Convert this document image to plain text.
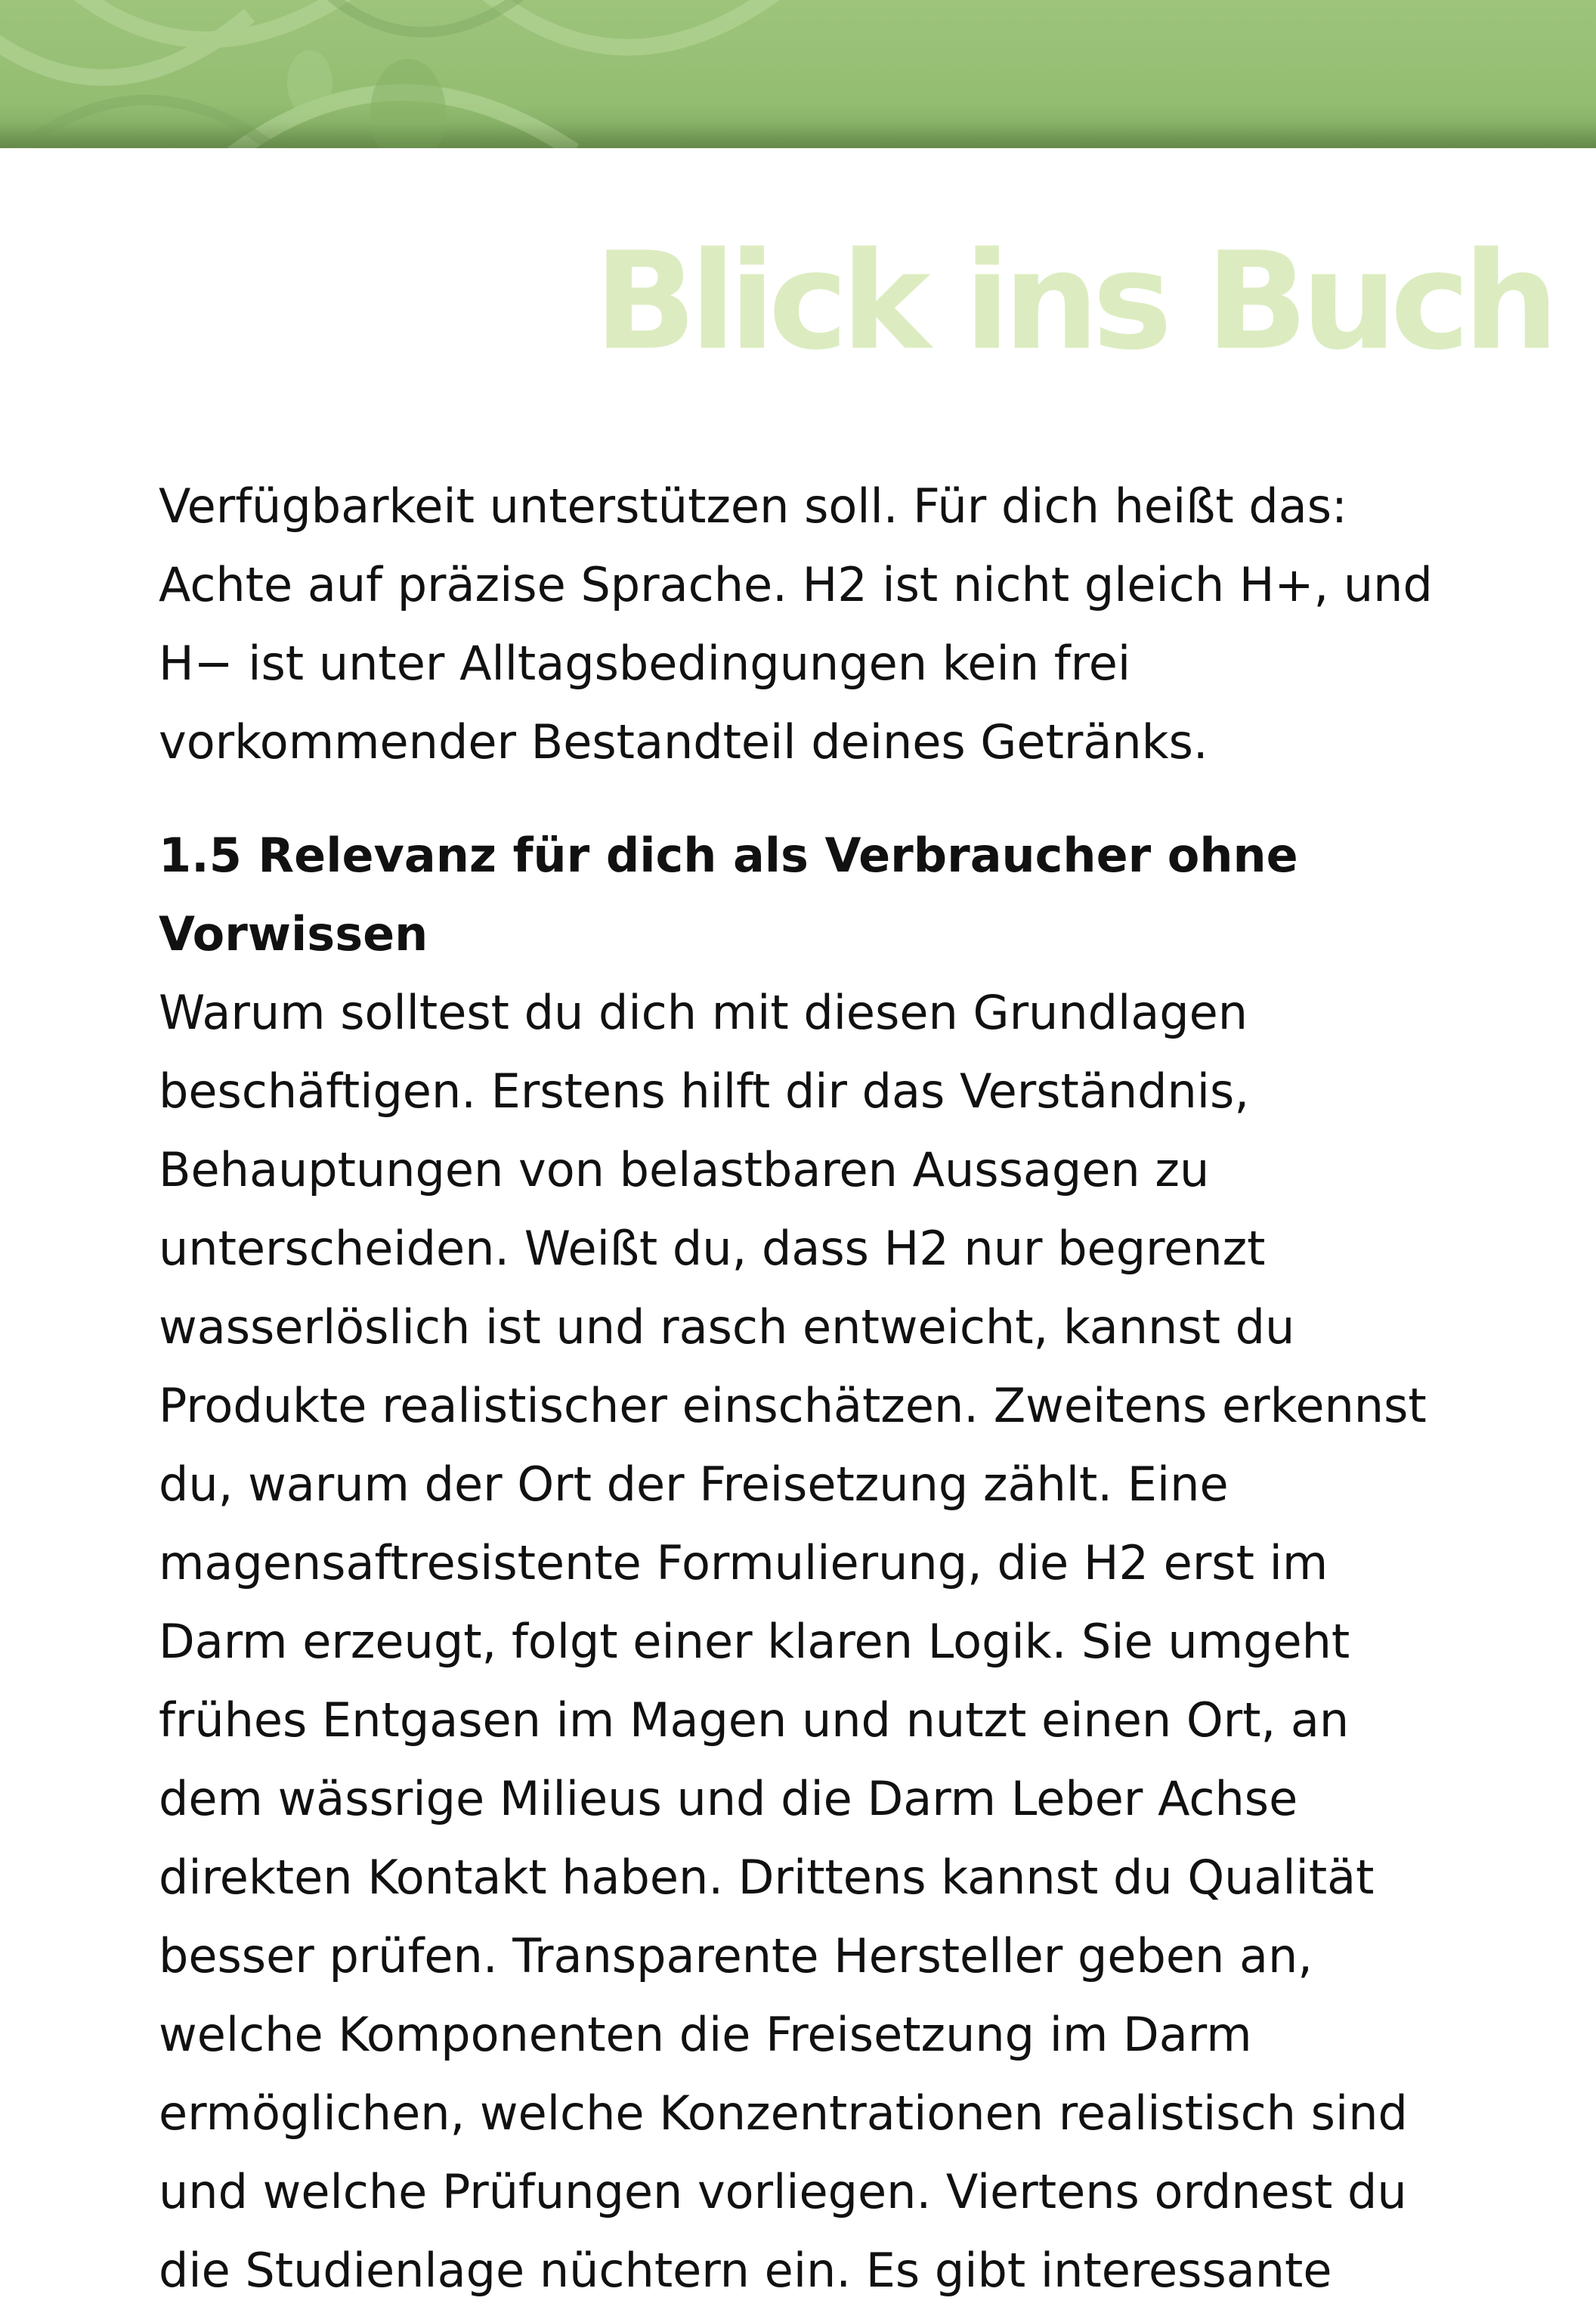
Blick ins Buch

Verfügbarkeit unterstützen soll. Für dich heißt das: Achte auf präzise Sprache. H2 ist nicht gleich H+, und H− ist unter Alltagsbedingungen kein frei vorkommender Bestandteil deines Getränks.

1.5 Relevanz für dich als Verbraucher ohne Vorwissen

Warum solltest du dich mit diesen Grundlagen beschäftigen. Erstens hilft dir das Verständnis, Behauptungen von belastbaren Aussagen zu unterscheiden. Weißt du, dass H2 nur begrenzt wasserlöslich ist und rasch entweicht, kannst du Produkte realistischer einschätzen. Zweitens erkennst du, warum der Ort der Freisetzung zählt. Eine magensaftresistente Formulierung, die H2 erst im Darm erzeugt, folgt einer klaren Logik. Sie umgeht frühes Entgasen im Magen und nutzt einen Ort, an dem wässrige Milieus und die Darm Leber Achse direkten Kontakt haben. Drittens kannst du Qualität besser prüfen. Transparente Hersteller geben an, welche Komponenten die Freisetzung im Darm ermöglichen, welche Konzentrationen realistisch sind und welche Prüfungen vorliegen. Viertens ordnest du die Studienlage nüchtern ein. Es gibt interessante
